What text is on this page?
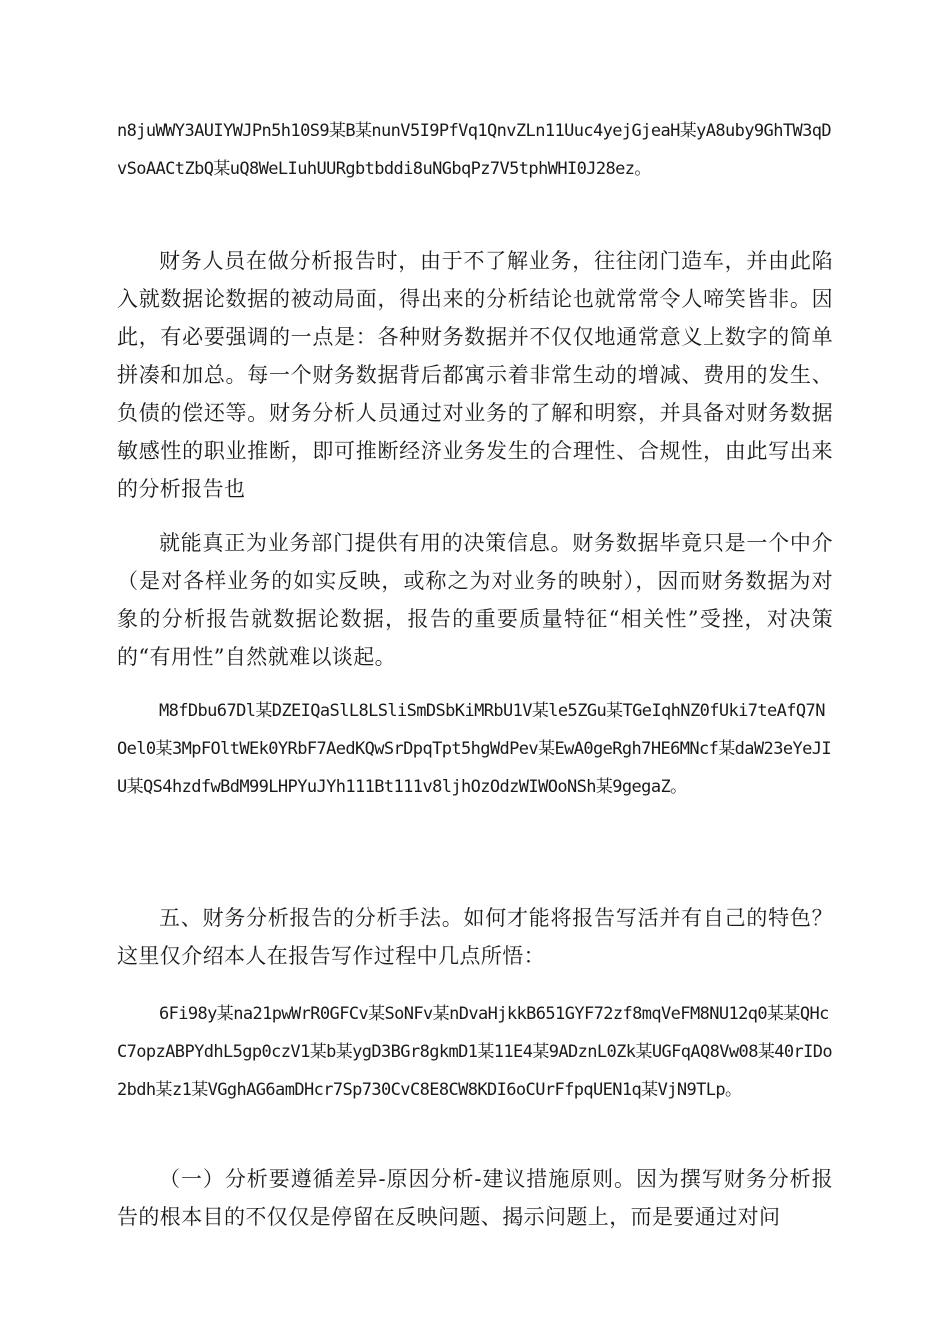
n8juWWY3AUIYWJPn5h10S9某B某nunV5I9PfVq1QnvZLn11Uuc4yejGjeaH某yA8uby9GhTW3qDvSoAACtZbQ某uQ8WeLIuhUURgbtbddi8uNGbqPz7V5tphWHI0J28ez。

财务人员在做分析报告时，由于不了解业务，往往闭门造车，并由此陷入就数据论数据的被动局面，得出来的分析结论也就常常令人啼笑皆非。因此，有必要强调的一点是：各种财务数据并不仅仅地通常意义上数字的简单拼凑和加总。每一个财务数据背后都寓示着非常生动的增减、费用的发生、负债的偿还等。财务分析人员通过对业务的了解和明察，并具备对财务数据敏感性的职业推断，即可推断经济业务发生的合理性、合规性，由此写出来的分析报告也

就能真正为业务部门提供有用的决策信息。财务数据毕竟只是一个中介（是对各样业务的如实反映，或称之为对业务的映射），因而财务数据为对象的分析报告就数据论数据，报告的重要质量特征“相关性”受挫，对决策的“有用性”自然就难以谈起。

M8fDbu67Dl某DZEIQaSlL8LSliSmDSbKiMRbU1V某le5ZGu某TGeIqhNZ0fUki7teAfQ7NOel0某3MpFOltWEk0YRbF7AedKQwSrDpqTpt5hgWdPev某EwA0geRgh7HE6MNcf某daW23eYeJIU某QS4hzdfwBdM99LHPYuJYh111Bt111v8ljhOzOdzWIWOoNSh某9gegaZ。

五、财务分析报告的分析手法。如何才能将报告写活并有自己的特色？这里仅介绍本人在报告写作过程中几点所悟：

6Fi98y某na21pwWrR0GFCv某SoNFv某nDvaHjkkB651GYF72zf8mqVeFM8NU12q0某某QHcC7opzABPYdhL5gp0czV1某b某ygD3BGr8gkmD1某11E4某9ADznL0Zk某UGFqAQ8Vw08某40rIDo2bdh某z1某VGghAG6amDHcr7Sp730CvC8E8CW8KDI6oCUrFfpqUEN1q某VjN9TLp。

（一）分析要遵循差异-原因分析-建议措施原则。因为撰写财务分析报告的根本目的不仅仅是停留在反映问题、揭示问题上，而是要通过对问
